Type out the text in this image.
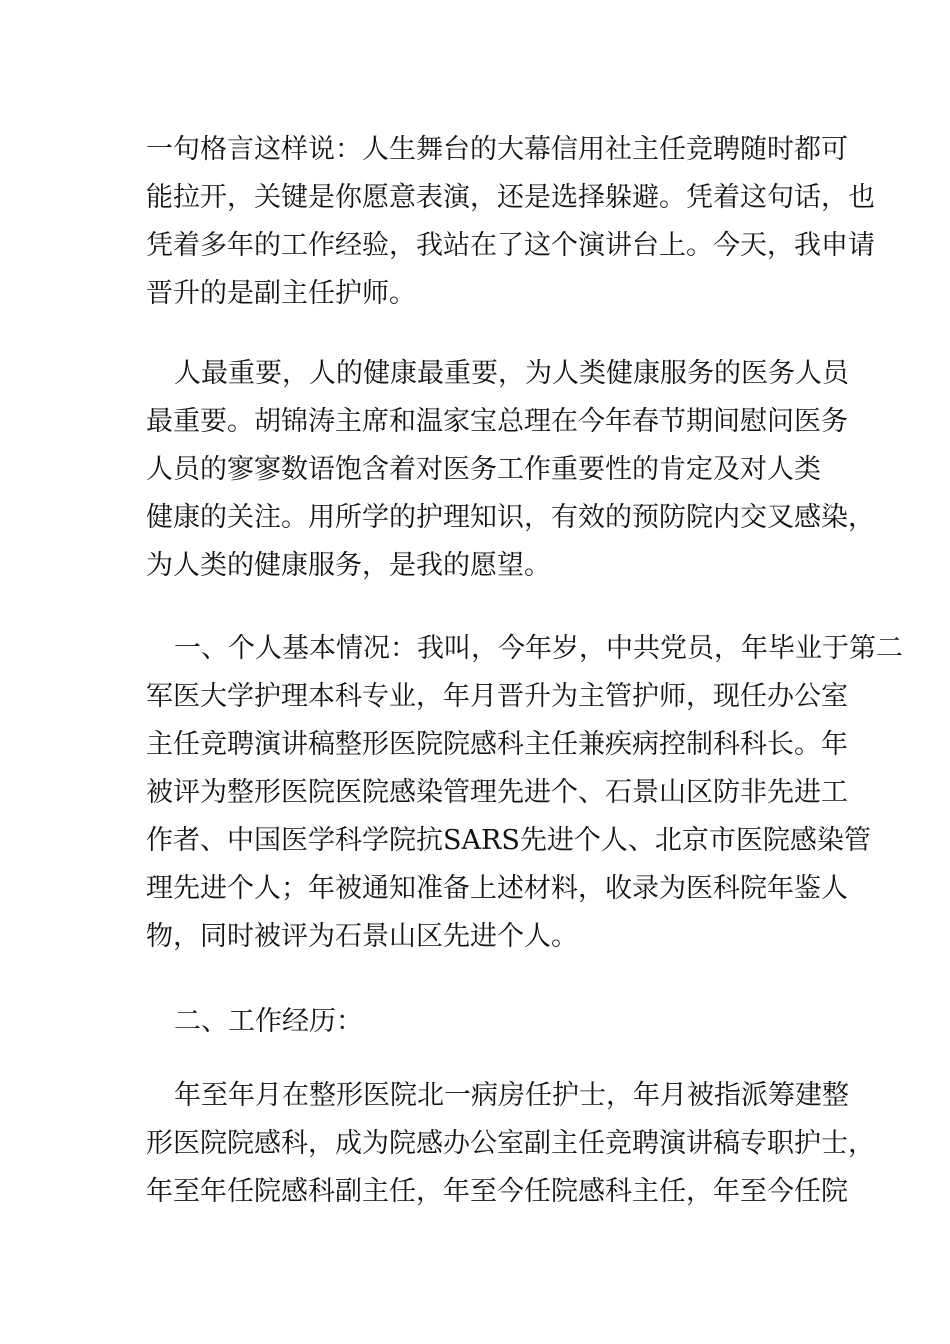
一句格言这样说：人生舞台的大幕信用社主任竞聘随时都可
能拉开，关键是你愿意表演，还是选择躲避。凭着这句话，也
凭着多年的工作经验，我站在了这个演讲台上。今天，我申请
晋升的是副主任护师。
人最重要，人的健康最重要，为人类健康服务的医务人员
最重要。胡锦涛主席和温家宝总理在今年春节期间慰问医务
人员的寥寥数语饱含着对医务工作重要性的肯定及对人类
健康的关注。用所学的护理知识，有效的预防院内交叉感染，
为人类的健康服务，是我的愿望。
一、个人基本情况：我叫，今年岁，中共党员，年毕业于第二
军医大学护理本科专业，年月晋升为主管护师，现任办公室
主任竞聘演讲稿整形医院院感科主任兼疾病控制科科长。年
被评为整形医院医院感染管理先进个、石景山区防非先进工
作者、中国医学科学院抗SARS先进个人、北京市医院感染管
理先进个人；年被通知准备上述材料，收录为医科院年鉴人
物，同时被评为石景山区先进个人。
二、工作经历：
年至年月在整形医院北一病房任护士，年月被指派筹建整
形医院院感科，成为院感办公室副主任竞聘演讲稿专职护士，
年至年任院感科副主任，年至今任院感科主任，年至今任院
